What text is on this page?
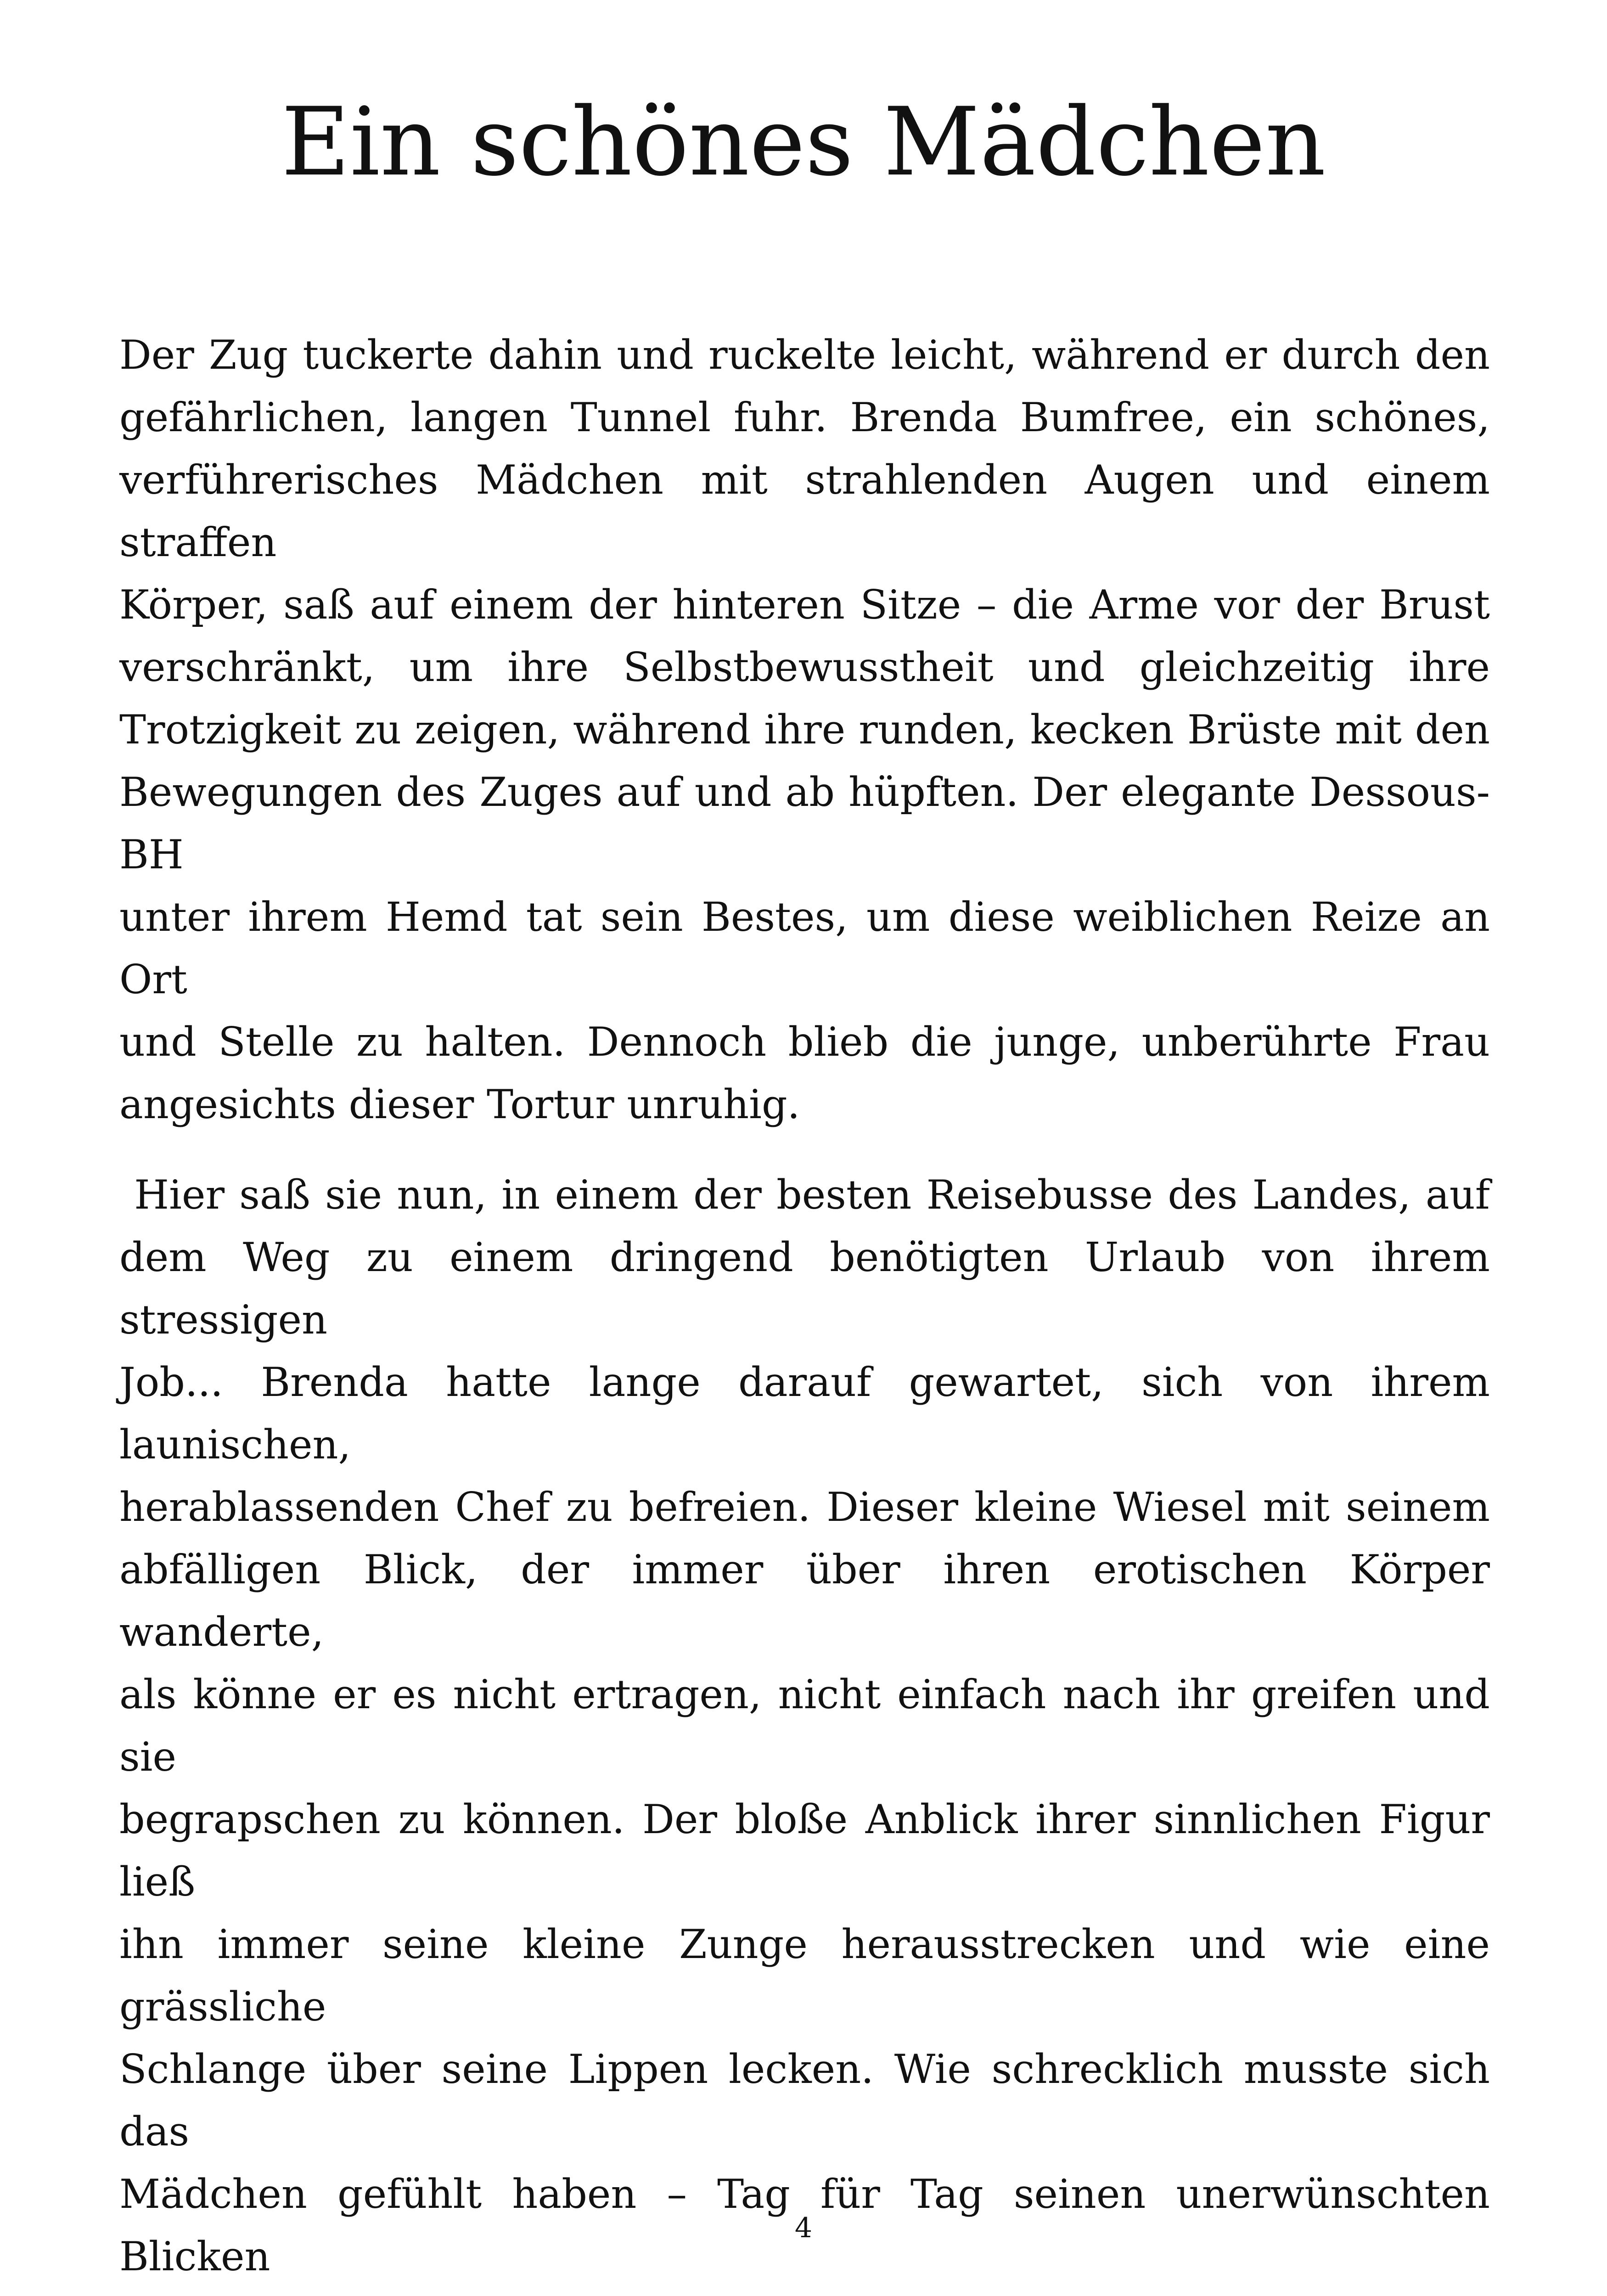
Ein schönes Mädchen

Der Zug tuckerte dahin und ruckelte leicht, während er durch den
gefährlichen, langen Tunnel fuhr. Brenda Bumfree, ein schönes,
verführerisches Mädchen mit strahlenden Augen und einem straffen
Körper, saß auf einem der hinteren Sitze – die Arme vor der Brust
verschränkt, um ihre Selbstbewusstheit und gleichzeitig ihre
Trotzigkeit zu zeigen, während ihre runden, kecken Brüste mit den
Bewegungen des Zuges auf und ab hüpften. Der elegante Dessous-BH
unter ihrem Hemd tat sein Bestes, um diese weiblichen Reize an Ort
und Stelle zu halten. Dennoch blieb die junge, unberührte Frau
angesichts dieser Tortur unruhig.

Hier saß sie nun, in einem der besten Reisebusse des Landes, auf
dem Weg zu einem dringend benötigten Urlaub von ihrem stressigen
Job... Brenda hatte lange darauf gewartet, sich von ihrem launischen,
herablassenden Chef zu befreien. Dieser kleine Wiesel mit seinem
abfälligen Blick, der immer über ihren erotischen Körper wanderte,
als könne er es nicht ertragen, nicht einfach nach ihr greifen und sie
begrapschen zu können. Der bloße Anblick ihrer sinnlichen Figur ließ
ihn immer seine kleine Zunge herausstrecken und wie eine grässliche
Schlange über seine Lippen lecken. Wie schrecklich musste sich das
Mädchen gefühlt haben – Tag für Tag seinen unerwünschten Blicken

4
